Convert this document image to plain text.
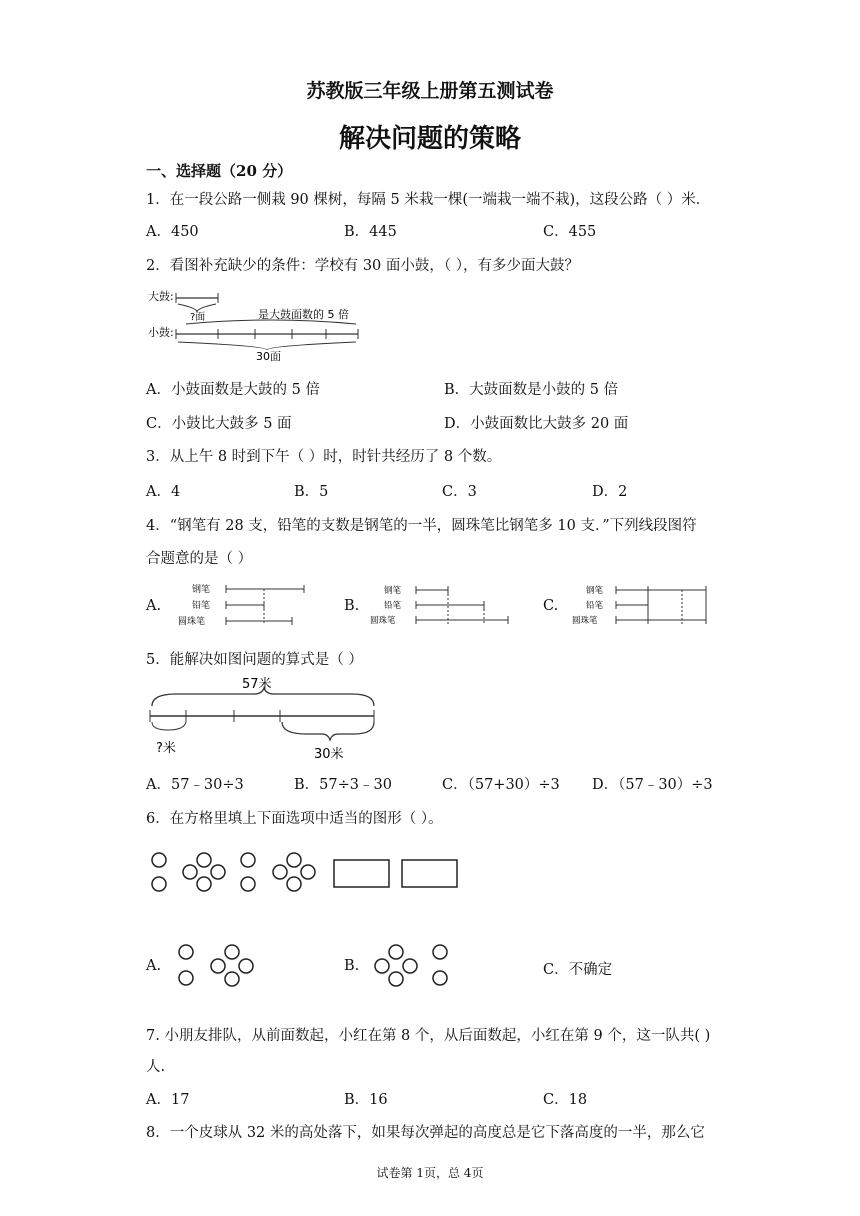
苏教版三年级上册第五测试卷
解决问题的策略
一、选择题（20 分）
1．在一段公路一侧栽 90 棵树，每隔 5 米栽一棵(一端栽一端不栽)，这段公路（ ）米．
A．450	B．445	C．455
2．看图补充缺少的条件：学校有 30 面小鼓，（ ），有多少面大鼓？
大鼓 :
?面
小鼓 :
是大鼓面数的 5 倍
30面
A．小鼓面数是大鼓的 5 倍	B．大鼓面数是小鼓的 5 倍
C．小鼓比大鼓多 5 面	D．小鼓面数比大鼓多 20 面
3．从上午 8 时到下午（ ）时，时针共经历了 8 个数。
A．4	B．5	C．3	D．2
4．“钢笔有 28 支，铅笔的支数是钢笔的一半，圆珠笔比钢笔多 10 支．”下列线段图符
合题意的是（ ）
A.
钢笔
铅笔
圆珠笔
B.
钢笔
铅笔
圆珠笔
C.
钢笔
铅笔
圆珠笔
5．能解决如图问题的算式是（ ）
57米
?米	30米
A．57﹣30÷3	B．57÷3﹣30	C．（57+30）÷3 D．（57﹣30）÷3
6．在方格里填上下面选项中适当的图形（ ）。
A.	B.	C．不确定
7. 小朋友排队，从前面数起，小红在第 8 个，从后面数起，小红在第 9 个，这一队共( )
人.
A．17	B．16	C．18
8．一个皮球从 32 米的高处落下，如果每次弹起的高度总是它下落高度的一半，那么它
试卷第 1页，总 4页
